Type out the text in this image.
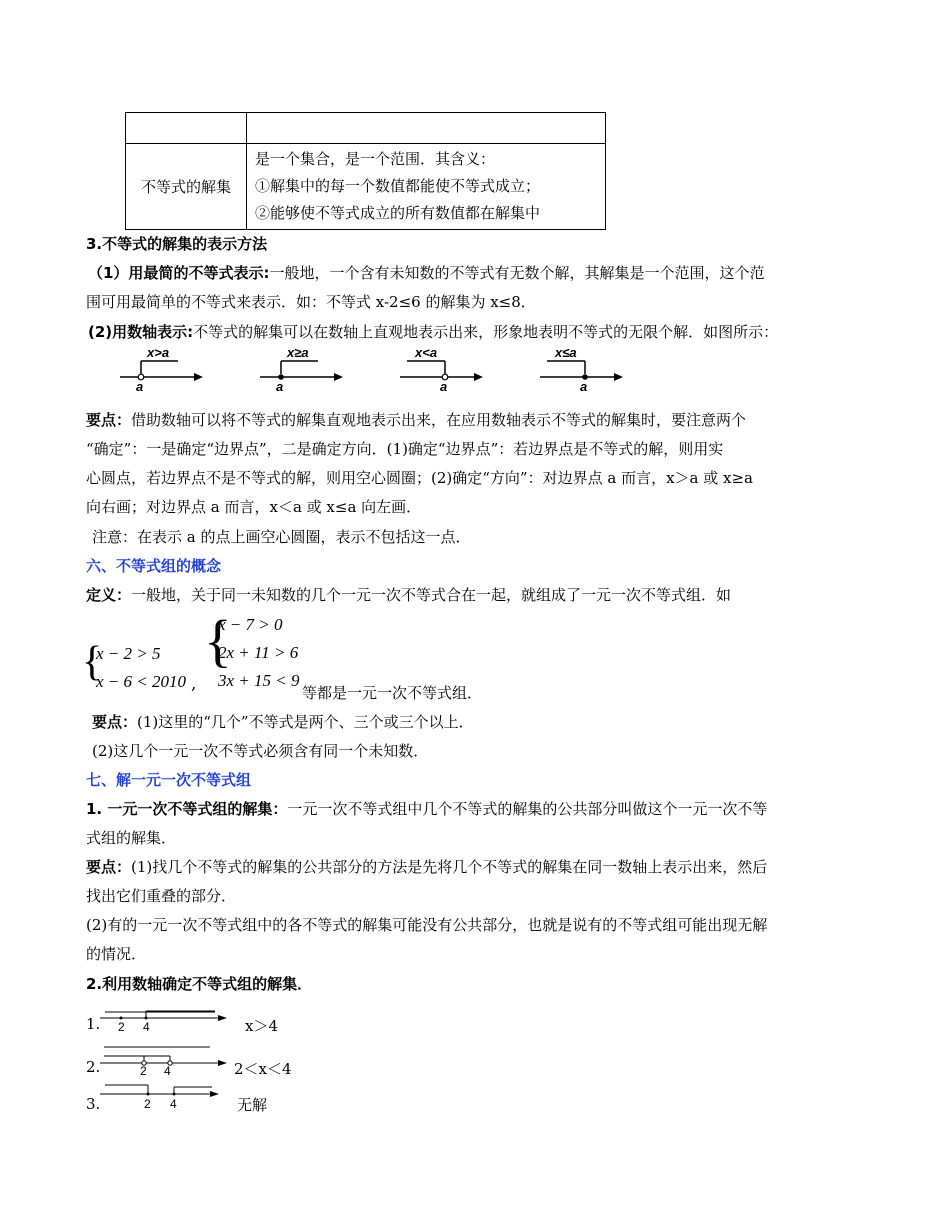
不等式的解集	是一个集合，是一个范围．其含义：
①解集中的每一个数值都能使不等式成立；
②能够使不等式成立的所有数值都在解集中
3.不等式的解集的表示方法
（1）用最简的不等式表示:一般地，一个含有未知数的不等式有无数个解，其解集是一个范围，这个范
围可用最简单的不等式来表示．如：不等式 x-2≤6 的解集为 x≤8．
(2)用数轴表示:不等式的解集可以在数轴上直观地表示出来，形象地表明不等式的无限个解．如图所示：
x>a
a
x≥a
a
x<a
a
x≤a
a
要点：借助数轴可以将不等式的解集直观地表示出来，在应用数轴表示不等式的解集时，要注意两个
“确定”：一是确定“边界点”，二是确定方向．(1)确定“边界点”：若边界点是不等式的解，则用实
心圆点，若边界点不是不等式的解，则用空心圆圈；(2)确定“方向”：对边界点 a 而言，x＞a 或 x≥a
向右画；对边界点 a 而言，x＜a 或 x≤a 向左画．
注意：在表示 a 的点上画空心圆圈，表示不包括这一点．
六、不等式组的概念
定义：一般地，关于同一未知数的几个一元一次不等式合在一起，就组成了一元一次不等式组．如
{
x − 2 > 5
x − 6 < 2010 ,
{
x − 7 > 0
2x + 11 > 6
3x + 15 < 9
等都是一元一次不等式组．
要点：(1)这里的“几个”不等式是两个、三个或三个以上．
(2)这几个一元一次不等式必须含有同一个未知数．
七、解一元一次不等式组
1. 一元一次不等式组的解集：一元一次不等式组中几个不等式的解集的公共部分叫做这个一元一次不等
式组的解集．
要点：(1)找几个不等式的解集的公共部分的方法是先将几个不等式的解集在同一数轴上表示出来，然后
找出它们重叠的部分．
(2)有的一元一次不等式组中的各不等式的解集可能没有公共部分，也就是说有的不等式组可能出现无解
的情况．
2.利用数轴确定不等式组的解集．
1. 2 4	x＞4
2.	2 4	2＜x＜4
3.	2 4	无解
